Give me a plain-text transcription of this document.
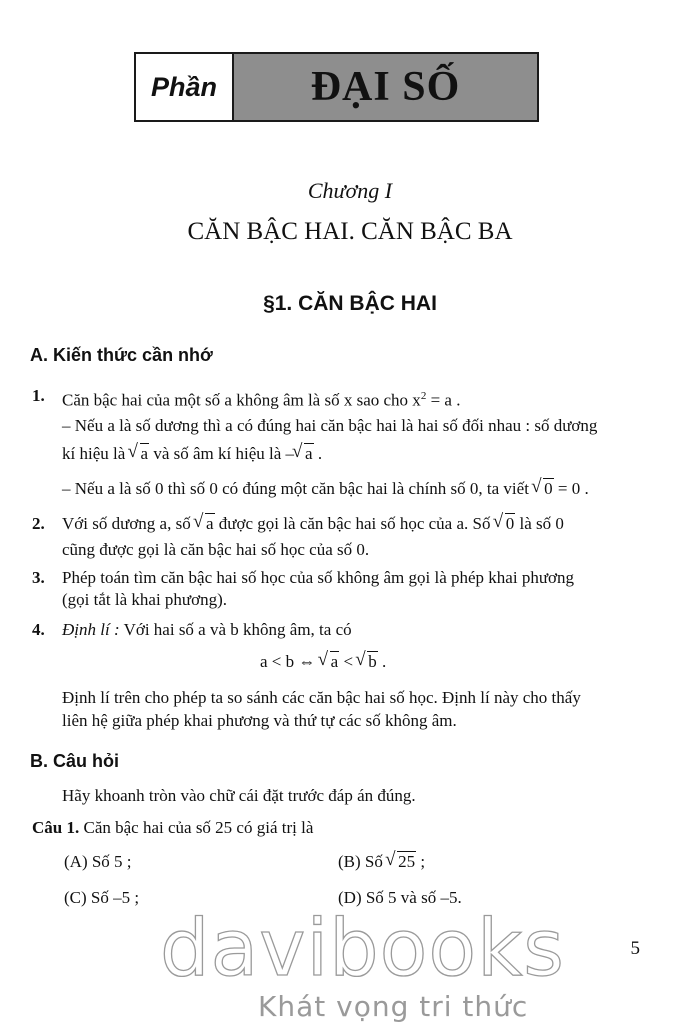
Phần	ĐẠI SỐ
Chương I
CĂN BẬC HAI. CĂN BẬC BA
§1. CĂN BẬC HAI
A. Kiến thức cần nhớ
1. Căn bậc hai của một số a không âm là số x sao cho $x^2 = a$ .
– Nếu a là số dương thì a có đúng hai căn bậc hai là hai số đối nhau : số dương
kí hiệu là √ a và số âm kí hiệu là – √ a .
– Nếu a là số 0 thì số 0 có đúng một căn bậc hai là chính số 0, ta viết √ 0 = 0 .
2. Với số dương a, số √ a được gọi là căn bậc hai số học của a. Số √ 0 là số 0
cũng được gọi là căn bậc hai số học của số 0.
3. Phép toán tìm căn bậc hai số học của số không âm gọi là phép khai phương
(gọi tắt là khai phương).
4. Định lí : Với hai số a và b không âm, ta có
a < b ⇔ √ a < √ b .
Định lí trên cho phép ta so sánh các căn bậc hai số học. Định lí này cho thấy
liên hệ giữa phép khai phương và thứ tự các số không âm.
B. Câu hỏi
Hãy khoanh tròn vào chữ cái đặt trước đáp án đúng.
Câu 1. Căn bậc hai của số 25 có giá trị là
(A) Số 5 ;	(B) Số √ 25 ;
(C) Số –5 ;	(D) Số 5 và số –5.
5
davibooks
Khát vọng tri thức
